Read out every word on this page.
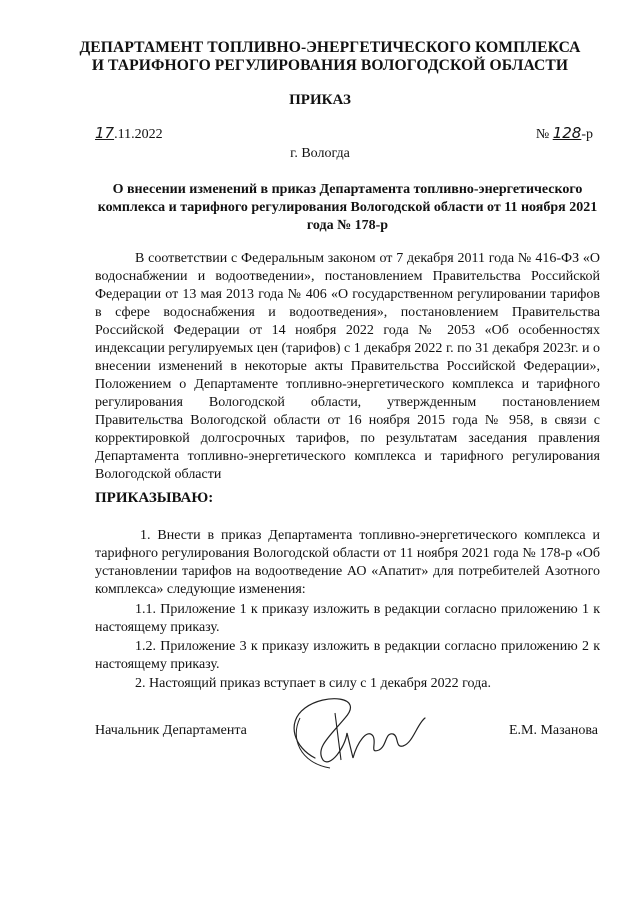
ДЕПАРТАМЕНТ ТОПЛИВНО-ЭНЕРГЕТИЧЕСКОГО КОМПЛЕКСА
И ТАРИФНОГО РЕГУЛИРОВАНИЯ ВОЛОГОДСКОЙ ОБЛАСТИ
ПРИКАЗ
17.11.2022	№ 128-р
г. Вологда
О внесении изменений в приказ Департамента топливно-энергетического комплекса и тарифного регулирования Вологодской области от 11 ноября 2021 года № 178-р
В соответствии с Федеральным законом от 7 декабря 2011 года № 416-ФЗ «О водоснабжении и водоотведении», постановлением Правительства Российской Федерации от 13 мая 2013 года № 406 «О государственном регулировании тарифов в сфере водоснабжения и водоотведения», постановлением Правительства Российской Федерации от 14 ноября 2022 года № 2053 «Об особенностях индексации регулируемых цен (тарифов) с 1 декабря 2022 г. по 31 декабря 2023г. и о внесении изменений в некоторые акты Правительства Российской Федерации», Положением о Департаменте топливно-энергетического комплекса и тарифного регулирования Вологодской области, утвержденным постановлением Правительства Вологодской области от 16 ноября 2015 года № 958, в связи с корректировкой долгосрочных тарифов, по результатам заседания правления Департамента топливно-энергетического комплекса и тарифного регулирования Вологодской области
ПРИКАЗЫВАЮ:
1. Внести в приказ Департамента топливно-энергетического комплекса и тарифного регулирования Вологодской области от 11 ноября 2021 года № 178-р «Об установлении тарифов на водоотведение АО «Апатит» для потребителей Азотного комплекса» следующие изменения:
1.1. Приложение 1 к приказу изложить в редакции согласно приложению 1 к настоящему приказу.
1.2. Приложение 3 к приказу изложить в редакции согласно приложению 2 к настоящему приказу.
2. Настоящий приказ вступает в силу с 1 декабря 2022 года.
Начальник Департамента	Е.М. Мазанова
